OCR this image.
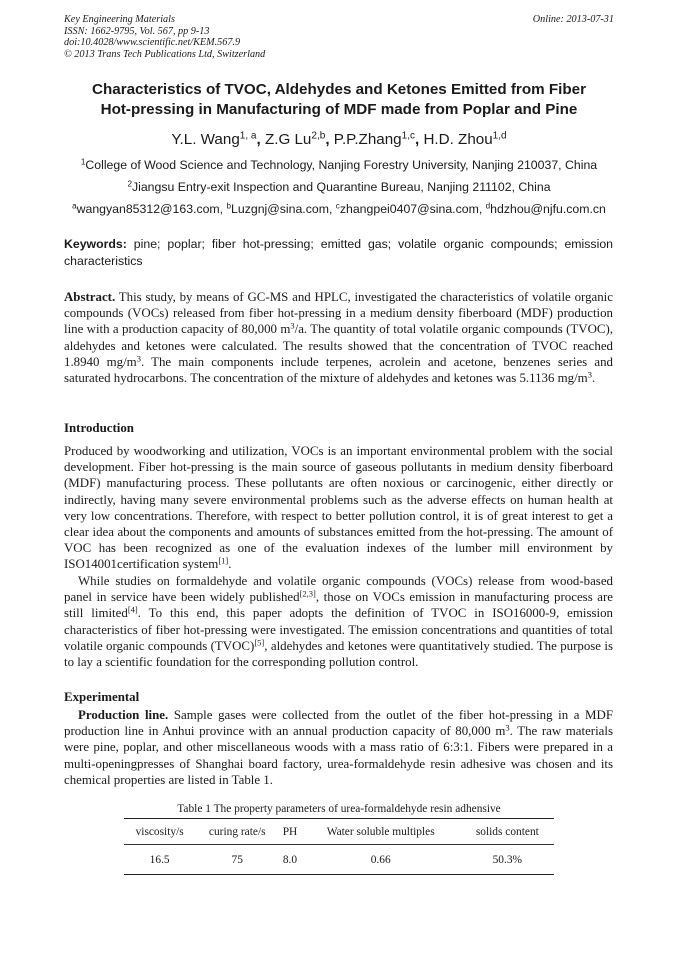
Key Engineering Materials
ISSN: 1662-9795, Vol. 567, pp 9-13
doi:10.4028/www.scientific.net/KEM.567.9
© 2013 Trans Tech Publications Ltd, Switzerland
Online: 2013-07-31
Characteristics of TVOC, Aldehydes and Ketones Emitted from Fiber
Hot-pressing in Manufacturing of MDF made from Poplar and Pine
Y.L. Wang$^{1, a}$, Z.G Lu$^{2,b}$, P.P.Zhang$^{1,c}$, H.D. Zhou$^{1,d}$
$^1$College of Wood Science and Technology, Nanjing Forestry University, Nanjing 210037, China
$^2$Jiangsu Entry-exit Inspection and Quarantine Bureau, Nanjing 211102, China
$^a$wangyan85312@163.com, $^b$Luzgnj@sina.com, $^c$zhangpei0407@sina.com, $^d$hdzhou@njfu.com.cn
Keywords: pine; poplar; fiber hot-pressing; emitted gas; volatile organic compounds; emission characteristics

Abstract. This study, by means of GC-MS and HPLC, investigated the characteristics of volatile organic compounds (VOCs) released from fiber hot-pressing in a medium density fiberboard (MDF) production line with a production capacity of 80,000 $m^3/a$. The quantity of total volatile organic compounds (TVOC), aldehydes and ketones were calculated. The results showed that the concentration of TVOC reached 1.8940 $mg/m^3$. The main components include terpenes, acrolein and acetone, benzenes series and saturated hydrocarbons. The concentration of the mixture of aldehydes and ketones was 5.1136 $mg/m^3$.

Introduction

Produced by woodworking and utilization, VOCs is an important environmental problem with the social development. Fiber hot-pressing is the main source of gaseous pollutants in medium density fiberboard (MDF) manufacturing process. These pollutants are often noxious or carcinogenic, either directly or indirectly, having many severe environmental problems such as the adverse effects on human health at very low concentrations. Therefore, with respect to better pollution control, it is of great interest to get a clear idea about the components and amounts of substances emitted from the hot-pressing. The amount of VOC has been recognized as one of the evaluation indexes of the lumber mill environment by ISO14001certification system[1].

While studies on formaldehyde and volatile organic compounds (VOCs) release from wood-based panel in service have been widely published[2,3], those on VOCs emission in manufacturing process are still limited[4]. To this end, this paper adopts the definition of TVOC in ISO16000-9, emission characteristics of fiber hot-pressing were investigated. The emission concentrations and quantities of total volatile organic compounds (TVOC)[5], aldehydes and ketones were quantitatively studied. The purpose is to lay a scientific foundation for the corresponding pollution control.

Experimental

Production line. Sample gases were collected from the outlet of the fiber hot-pressing in a MDF production line in Anhui province with an annual production capacity of 80,000 $m^3$. The raw materials were pine, poplar, and other miscellaneous woods with a mass ratio of 6:3:1. Fibers were prepared in a multi-openingpresses of Shanghai board factory, urea-formaldehyde resin adhesive was chosen and its chemical properties are listed in Table 1.

Table 1 The property parameters of urea-formaldehyde resin adhensive
viscosity/s	curing rate/s	PH	Water soluble multiples	solids content
16.5	75	8.0	0.66	50.3%
